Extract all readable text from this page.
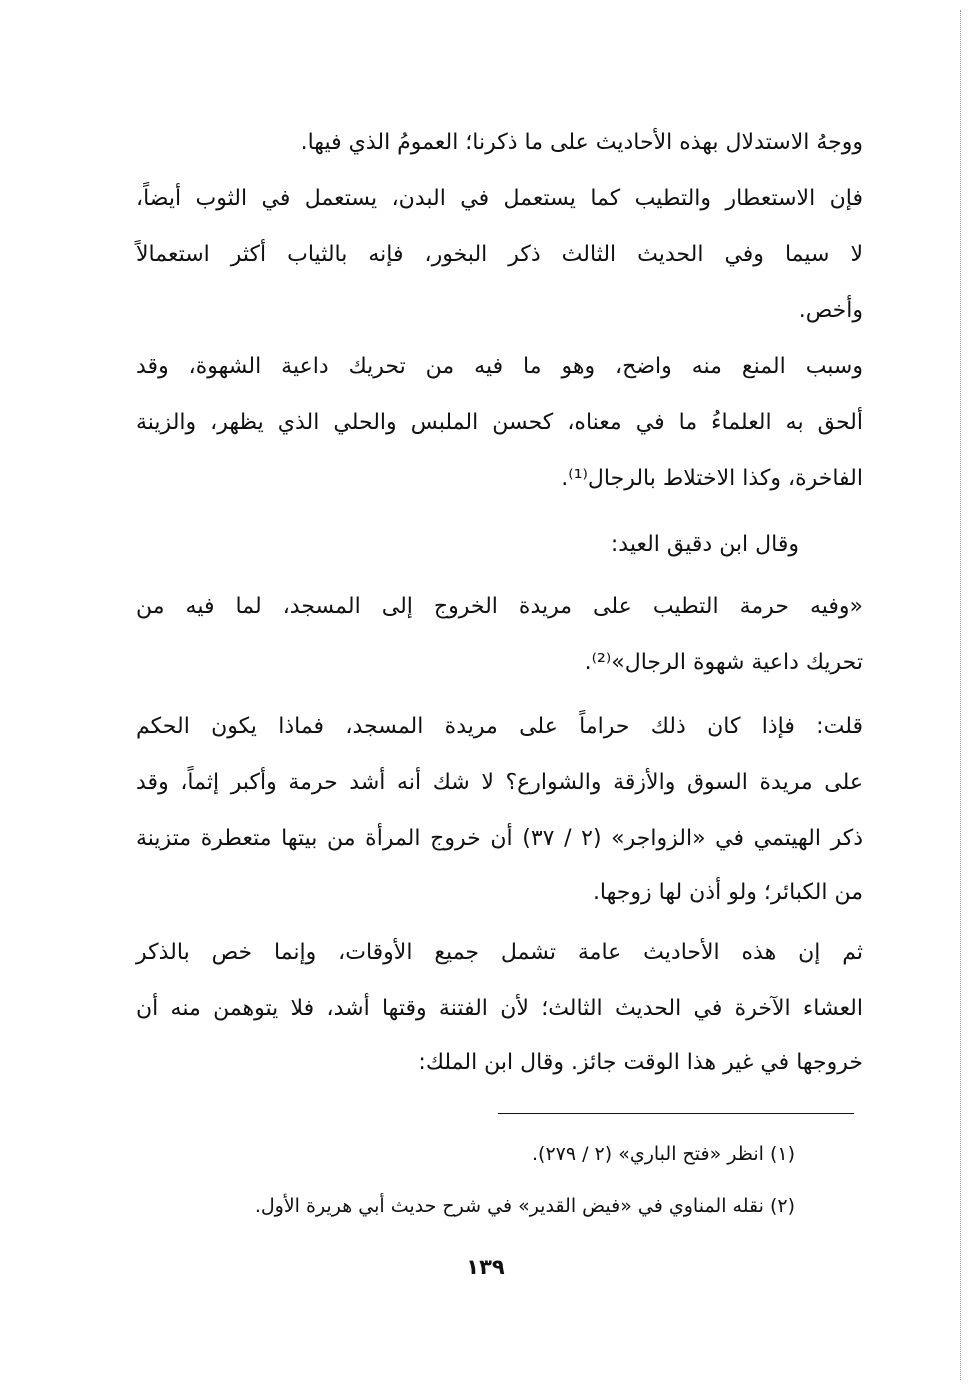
ووجهُ الاستدلال بهذه الأحاديث على ما ذكرنا؛ العمومُ الذي فيها.
فإن الاستعطار والتطيب كما يستعمل في البدن، يستعمل في الثوب أيضاً،
لا سيما وفي الحديث الثالث ذكر البخور، فإنه بالثياب أكثر استعمالاً
وأخص.
وسبب المنع منه واضح، وهو ما فيه من تحريك داعية الشهوة، وقد
ألحق به العلماءُ ما في معناه، كحسن الملبس والحلي الذي يظهر، والزينة
الفاخرة، وكذا الاختلاط بالرجال⁽¹⁾.
وقال ابن دقيق العيد:
«وفيه حرمة التطيب على مريدة الخروج إلى المسجد، لما فيه من
تحريك داعية شهوة الرجال»⁽²⁾.
قلت: فإذا كان ذلك حراماً على مريدة المسجد، فماذا يكون الحكم
على مريدة السوق والأزقة والشوارع؟ لا شك أنه أشد حرمة وأكبر إثماً، وقد
ذكر الهيتمي في «الزواجر» (٢ / ٣٧) أن خروج المرأة من بيتها متعطرة متزينة
من الكبائر؛ ولو أذن لها زوجها.
ثم إن هذه الأحاديث عامة تشمل جميع الأوقات، وإنما خص بالذكر
العشاء الآخرة في الحديث الثالث؛ لأن الفتنة وقتها أشد، فلا يتوهمن منه أن
خروجها في غير هذا الوقت جائز. وقال ابن الملك:
(١) انظر «فتح الباري» (٢ / ٢٧٩).
(٢) نقله المناوي في «فيض القدير» في شرح حديث أبي هريرة الأول.
١٣٩
